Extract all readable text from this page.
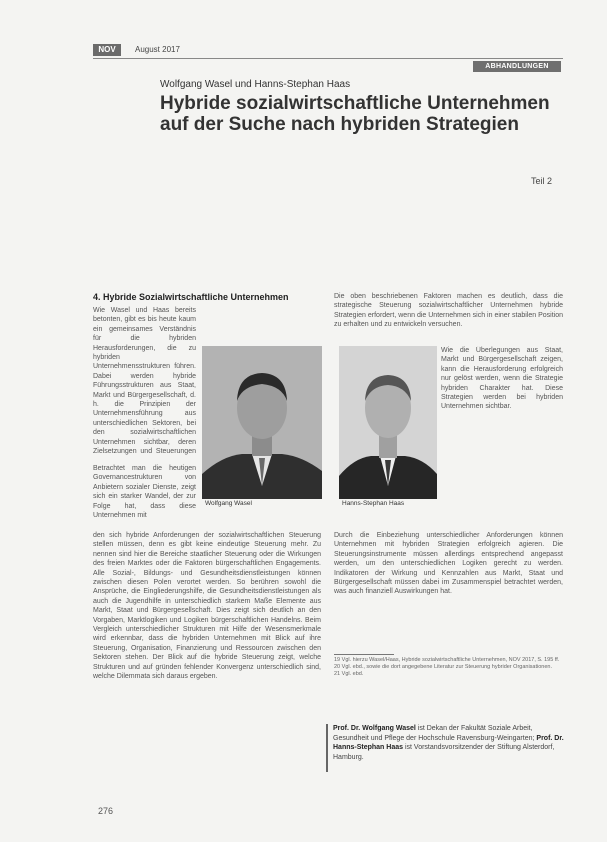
NOV	August 2017
ABHANDLUNGEN
Wolfgang Wasel und Hanns-Stephan Haas
Hybride sozialwirtschaftliche Unternehmen auf der Suche nach hybriden Strategien
Teil 2
4. Hybride Sozialwirtschaftliche Unternehmen

Wie Wasel und Haas bereits betonten, gibt es bis heute kaum ein gemeinsames Verständnis für die hybriden Herausforderungen, die zu hybriden Unternehmensstrukturen führen. Dabei werden hybride Führungsstrukturen aus Staat, Markt und Bürgergesellschaft, d. h. die Prinzipien der Unternehmensführung aus unterschiedlichen Sektoren, bei den sozialwirtschaftlichen Unternehmen sichtbar, deren Zielsetzungen und Steuerungen

Betrachtet man die heutigen Governancestrukturen von Anbietern sozialer Dienste, zeigt sich ein starker Wandel, der zur Folge hat, dass diese Unternehmen mit

den sich hybride Anforderungen der sozialwirtschaftlichen Steuerung stellen müssen, denn es gibt keine eindeutige Steuerung mehr. Zu nennen sind hier die Bereiche staatlicher Steuerung oder die Wirkungen des freien Marktes oder die Faktoren bürgerschaftlichen Engagements. Alle Sozial-, Bildungs- und Gesundheitsdienstleistungen können zwischen diesen Polen verortet werden. So berühren sowohl die Ansprüche, die Eingliederungshilfe, die Gesundheitsdienstleistungen als auch die Jugendhilfe in unterschiedlich starkem Maße Elemente aus Markt, Staat und Bürgergesellschaft. Dies zeigt sich deutlich an den Vorgaben, Marktlogiken und Logiken bürgerschaftlichen Handelns. Beim Vergleich unterschiedlicher Strukturen mit Hilfe der Wesensmerkmale wird erkennbar, dass die hybriden Unternehmen mit Blick auf ihre Steuerung, Organisation, Finanzierung und Ressourcen zwischen den Sektoren stehen. Der Blick auf die hybride Steuerung zeigt, welche Strukturen und auf gründen fehlender Konvergenz unterschiedlich sind, welche Dilemmata sich daraus ergeben.

Wolfgang Wasel	Hanns-Stephan Haas

Die oben beschriebenen Faktoren machen es deutlich, dass die strategische Steuerung sozialwirtschaftlicher Unternehmen hybride Strategien erfordert, wenn die Unternehmen sich in einer stabilen Position zu erhalten und zu entwickeln versuchen.

Wie die Überlegungen aus Staat, Markt und Bürgergesellschaft zeigen, kann die Herausforderung erfolgreich nur gelöst werden, wenn die Strategie hybriden Charakter hat. Diese Strategien werden bei hybriden Unternehmen sichtbar.

Durch die Einbeziehung unterschiedlicher Anforderungen können Unternehmen mit hybriden Strategien erfolgreich agieren. Die Steuerungsinstrumente müssen allerdings entsprechend angepasst werden, um den unterschiedlichen Logiken gerecht zu werden. Indikatoren der Wirkung und Kennzahlen aus Markt, Staat und Bürgergesellschaft müssen dabei im Zusammenspiel betrachtet werden, was auch finanziell Auswirkungen hat.

19 Vgl. hierzu Wasel/Haas, Hybride sozialwirtschaftliche Unternehmen, NOV 2017, S. 195 ff.
20 Vgl. ebd., sowie die dort angegebene Literatur zur Steuerung hybrider Organisationen.
21 Vgl. ebd.
Prof. Dr. Wolfgang Wasel ist Dekan der Fakultät Soziale Arbeit, Gesundheit und Pflege der Hochschule Ravensburg-Weingarten; Prof. Dr. Hanns-Stephan Haas ist Vorstandsvorsitzender der Stiftung Alsterdorf, Hamburg.
276
